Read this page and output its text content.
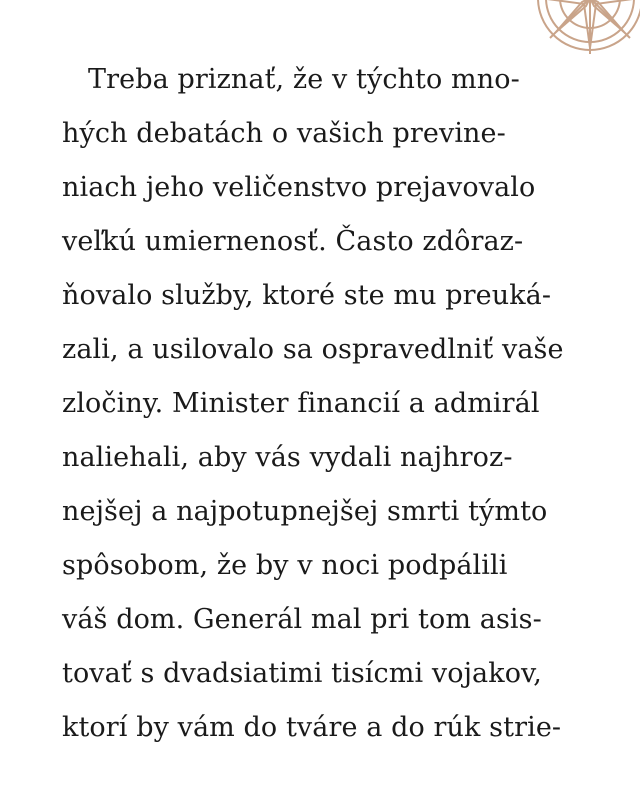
Treba priznať, že v týchto mno-
hých debatách o vašich previne-
niach jeho veličenstvo prejavovalo
veľkú umiernenosť. Často zdôraz-
ňovalo služby, ktoré ste mu preuká-
zali, a usilovalo sa ospravedlniť vaše
zločiny. Minister financií a admirál
naliehali, aby vás vydali najhroz-
nejšej a najpotupnejšej smrti týmto
spôsobom, že by v noci podpálili
váš dom. Generál mal pri tom asis-
tovať s dvadsiatimi tisícmi vojakov,
ktorí by vám do tváre a do rúk strie-
